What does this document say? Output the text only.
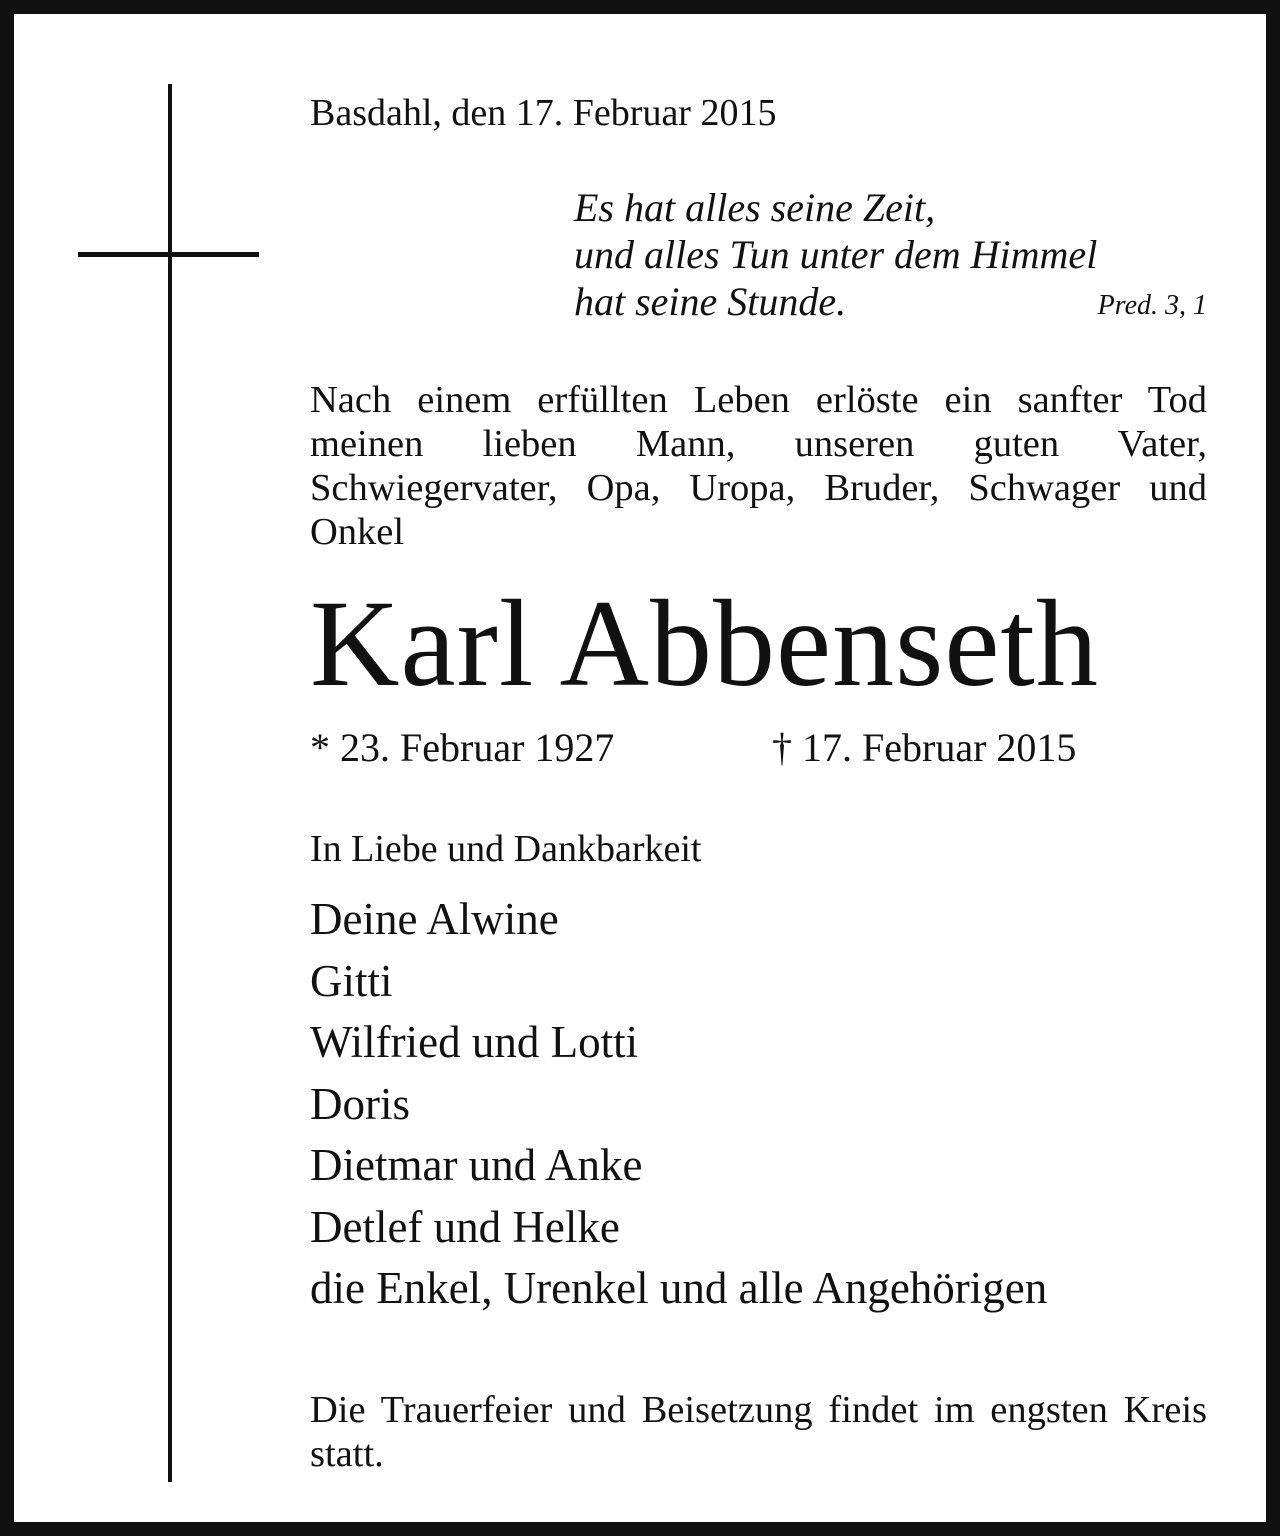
Basdahl, den 17. Februar 2015

Es hat alles seine Zeit,
und alles Tun unter dem Himmel
hat seine Stunde.	Pred. 3, 1
Nach einem erfüllten Leben erlöste ein sanfter Tod meinen lieben Mann, unseren guten Vater, Schwiegervater, Opa, Uropa, Bruder, Schwager und Onkel
Karl Abbenseth
* 23. Februar 1927	† 17. Februar 2015
In Liebe und Dankbarkeit
Deine Alwine
Gitti
Wilfried und Lotti
Doris
Dietmar und Anke
Detlef und Helke
die Enkel, Urenkel und alle Angehörigen
Die Trauerfeier und Beisetzung findet im engsten Kreis statt.
